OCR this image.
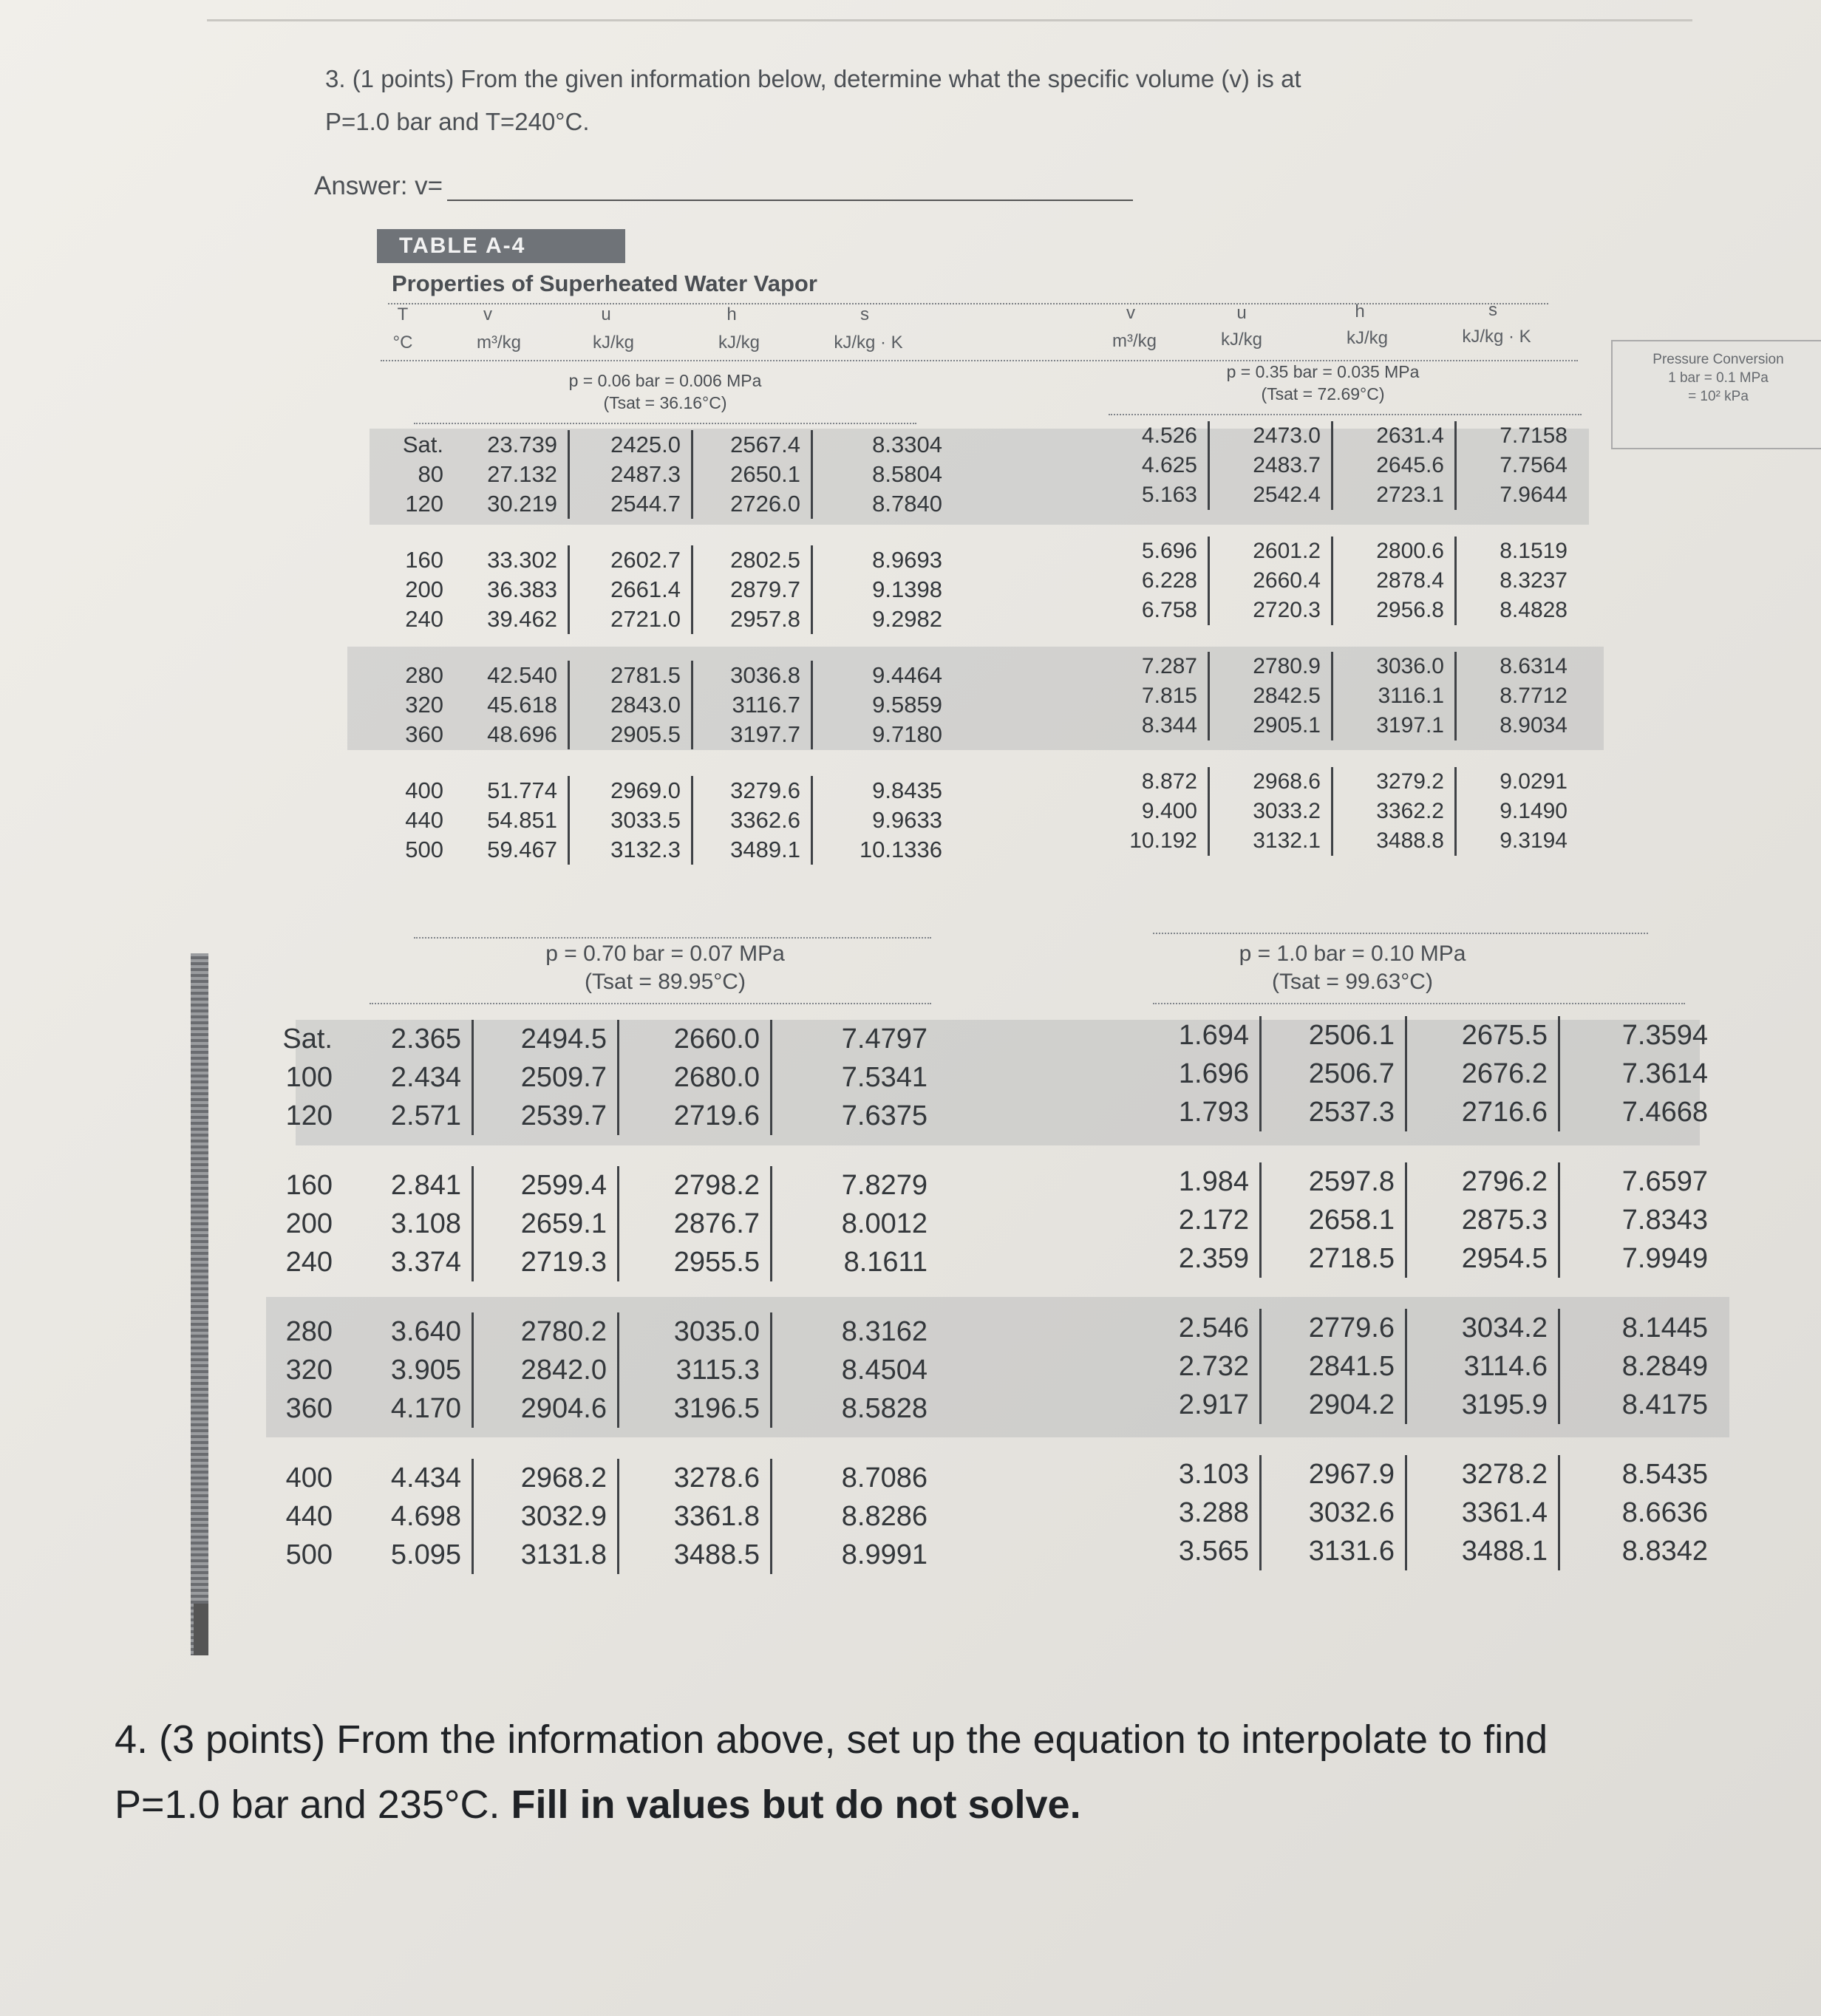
3. (1 points) From the given information below, determine what the specific volume (v) is at
P=1.0 bar and T=240°C.
Answer: v=
TABLE A-4
Properties of Superheated Water Vapor
T	v	u	h	s
°C	m³/kg	kJ/kg	kJ/kg	kJ/kg · K
v	u	h	s
m³/kg	kJ/kg	kJ/kg	kJ/kg · K
p = 0.06 bar = 0.006 MPa
(Tsat = 36.16°C)
p = 0.35 bar = 0.035 MPa
(Tsat = 72.69°C)
p = 0.70 bar = 0.07 MPa
(Tsat = 89.95°C)
p = 1.0 bar = 0.10 MPa
(Tsat = 99.63°C)
Sat.	23.739	2425.0	2567.4	8.3304
80	27.132	2487.3	2650.1	8.5804
120	30.219	2544.7	2726.0	8.7840

160	33.302	2602.7	2802.5	8.9693
200	36.383	2661.4	2879.7	9.1398
240	39.462	2721.0	2957.8	9.2982

280	42.540	2781.5	3036.8	9.4464
320	45.618	2843.0	3116.7	9.5859
360	48.696	2905.5	3197.7	9.7180

400	51.774	2969.0	3279.6	9.8435
440	54.851	3033.5	3362.6	9.9633
500	59.467	3132.3	3489.1	10.1336
4.526	2473.0	2631.4	7.7158
4.625	2483.7	2645.6	7.7564
5.163	2542.4	2723.1	7.9644

5.696	2601.2	2800.6	8.1519
6.228	2660.4	2878.4	8.3237
6.758	2720.3	2956.8	8.4828

7.287	2780.9	3036.0	8.6314
7.815	2842.5	3116.1	8.7712
8.344	2905.1	3197.1	8.9034

8.872	2968.6	3279.2	9.0291
9.400	3033.2	3362.2	9.1490
10.192	3132.1	3488.8	9.3194
Sat.	2.365	2494.5	2660.0	7.4797
100	2.434	2509.7	2680.0	7.5341
120	2.571	2539.7	2719.6	7.6375

160	2.841	2599.4	2798.2	7.8279
200	3.108	2659.1	2876.7	8.0012
240	3.374	2719.3	2955.5	8.1611

280	3.640	2780.2	3035.0	8.3162
320	3.905	2842.0	3115.3	8.4504
360	4.170	2904.6	3196.5	8.5828

400	4.434	2968.2	3278.6	8.7086
440	4.698	3032.9	3361.8	8.8286
500	5.095	3131.8	3488.5	8.9991
1.694	2506.1	2675.5	7.3594
1.696	2506.7	2676.2	7.3614
1.793	2537.3	2716.6	7.4668

1.984	2597.8	2796.2	7.6597
2.172	2658.1	2875.3	7.8343
2.359	2718.5	2954.5	7.9949

2.546	2779.6	3034.2	8.1445
2.732	2841.5	3114.6	8.2849
2.917	2904.2	3195.9	8.4175

3.103	2967.9	3278.2	8.5435
3.288	3032.6	3361.4	8.6636
3.565	3131.6	3488.1	8.8342
Pressure Conversion
1 bar = 0.1 MPa
= 10² kPa
4. (3 points) From the information above, set up the equation to interpolate to find
P=1.0 bar and 235°C. Fill in values but do not solve.
